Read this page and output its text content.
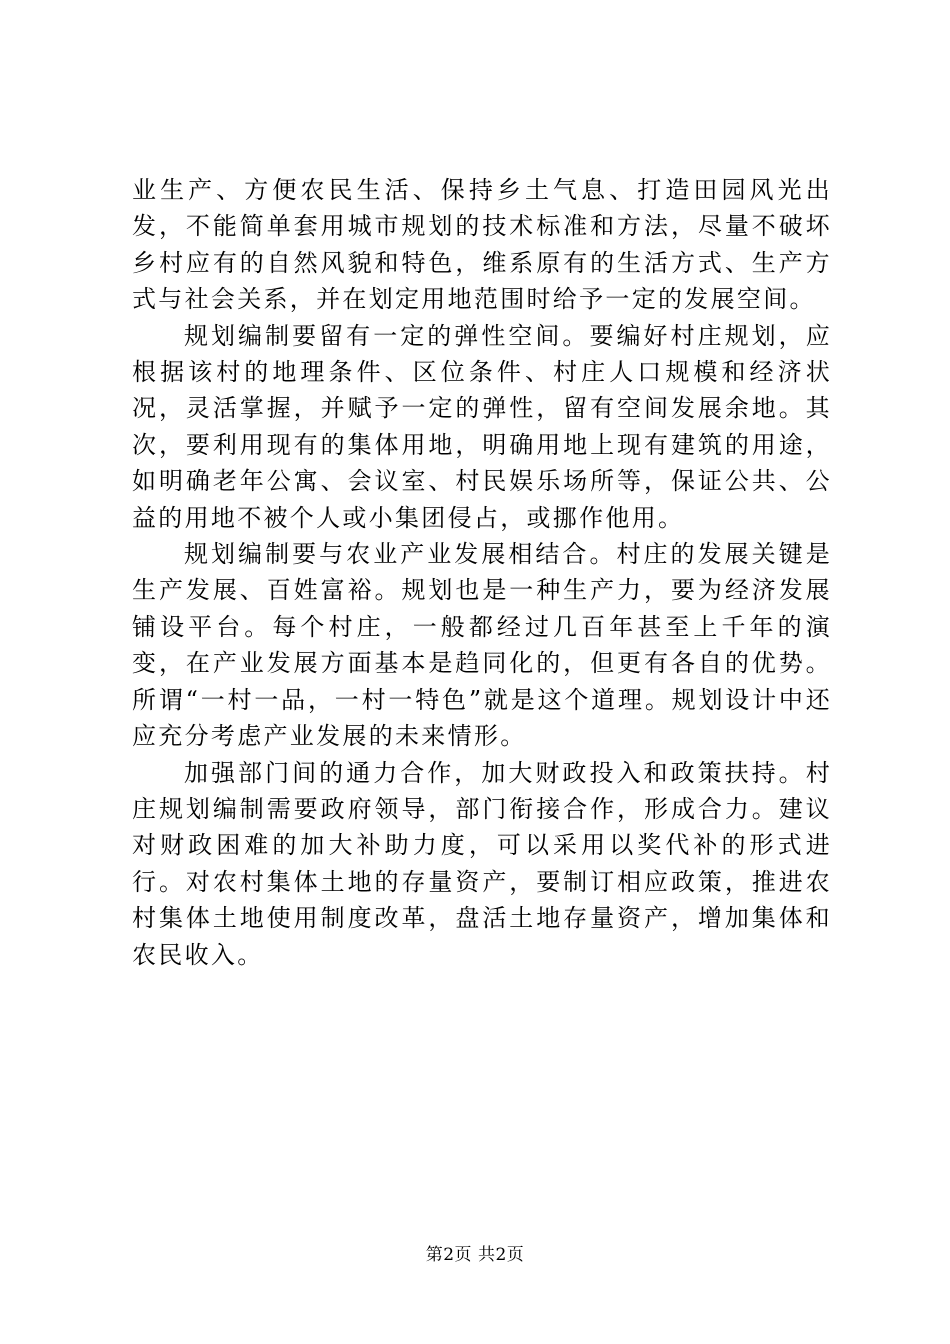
业生产、方便农民生活、保持乡土气息、打造田园风光出发，不能简单套用城市规划的技术标准和方法，尽量不破坏乡村应有的自然风貌和特色，维系原有的生活方式、生产方式与社会关系，并在划定用地范围时给予一定的发展空间。

规划编制要留有一定的弹性空间。要编好村庄规划，应根据该村的地理条件、区位条件、村庄人口规模和经济状况，灵活掌握，并赋予一定的弹性，留有空间发展余地。其次，要利用现有的集体用地，明确用地上现有建筑的用途，如明确老年公寓、会议室、村民娱乐场所等，保证公共、公益的用地不被个人或小集团侵占，或挪作他用。

规划编制要与农业产业发展相结合。村庄的发展关键是生产发展、百姓富裕。规划也是一种生产力，要为经济发展铺设平台。每个村庄，一般都经过几百年甚至上千年的演变，在产业发展方面基本是趋同化的，但更有各自的优势。所谓“一村一品，一村一特色”就是这个道理。规划设计中还应充分考虑产业发展的未来情形。

加强部门间的通力合作，加大财政投入和政策扶持。村庄规划编制需要政府领导，部门衔接合作，形成合力。建议对财政困难的加大补助力度，可以采用以奖代补的形式进行。对农村集体土地的存量资产，要制订相应政策，推进农村集体土地使用制度改革，盘活土地存量资产，增加集体和农民收入。

第2页 共2页
